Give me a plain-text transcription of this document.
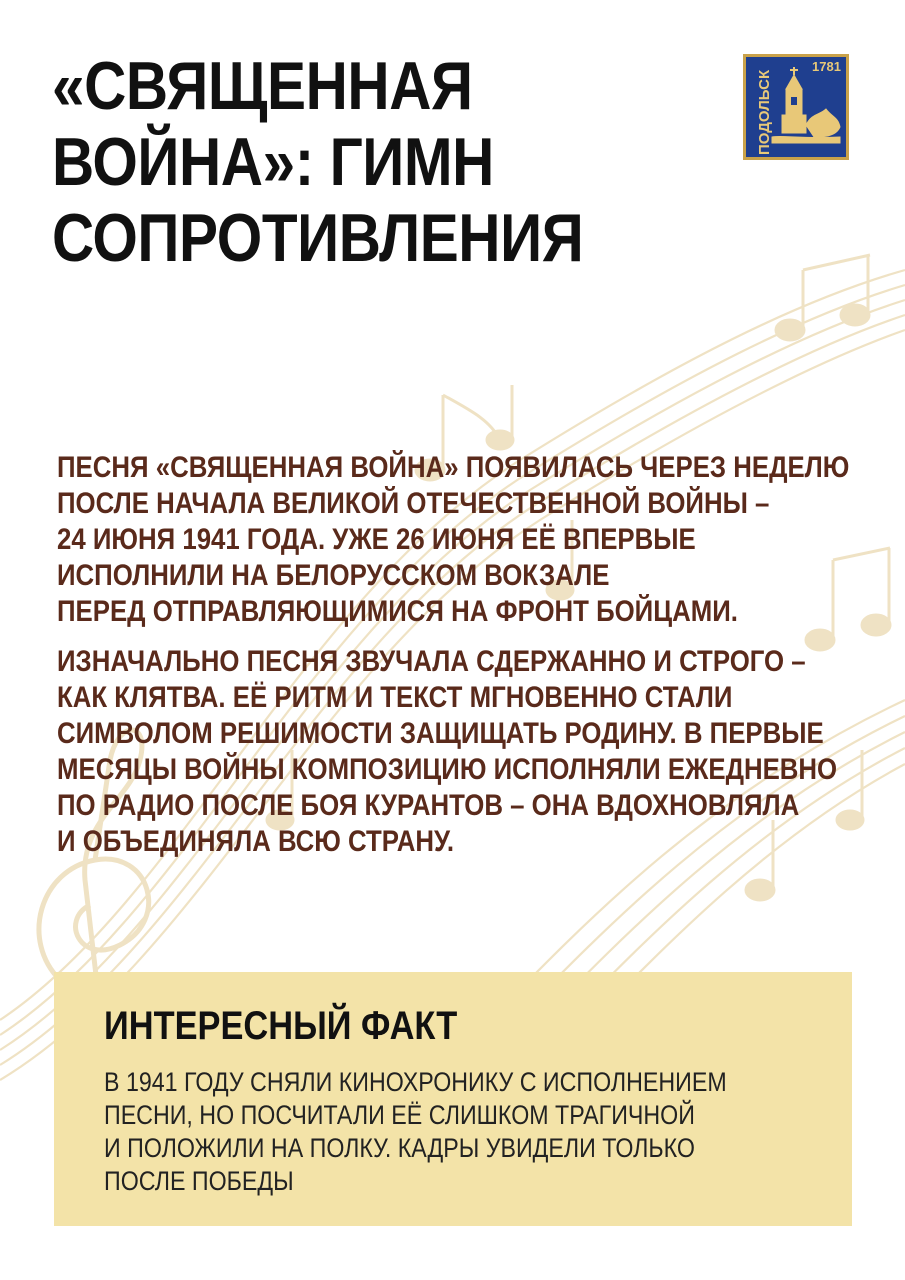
«СВЯЩЕННАЯ
ВОЙНА»: ГИМН
СОПРОТИВЛЕНИЯ
ПОДОЛЬСК
1781

ПЕСНЯ «СВЯЩЕННАЯ ВОЙНА» ПОЯВИЛАСЬ ЧЕРЕЗ НЕДЕЛЮ
ПОСЛЕ НАЧАЛА ВЕЛИКОЙ ОТЕЧЕСТВЕННОЙ ВОЙНЫ –
24 ИЮНЯ 1941 ГОДА. УЖЕ 26 ИЮНЯ ЕЁ ВПЕРВЫЕ
ИСПОЛНИЛИ НА БЕЛОРУССКОМ ВОКЗАЛЕ
ПЕРЕД ОТПРАВЛЯЮЩИМИСЯ НА ФРОНТ БОЙЦАМИ.

ИЗНАЧАЛЬНО ПЕСНЯ ЗВУЧАЛА СДЕРЖАННО И СТРОГО –
КАК КЛЯТВА. ЕЁ РИТМ И ТЕКСТ МГНОВЕННО СТАЛИ
СИМВОЛОМ РЕШИМОСТИ ЗАЩИЩАТЬ РОДИНУ. В ПЕРВЫЕ
МЕСЯЦЫ ВОЙНЫ КОМПОЗИЦИЮ ИСПОЛНЯЛИ ЕЖЕДНЕВНО
ПО РАДИО ПОСЛЕ БОЯ КУРАНТОВ – ОНА ВДОХНОВЛЯЛА
И ОБЪЕДИНЯЛА ВСЮ СТРАНУ.

ИНТЕРЕСНЫЙ ФАКТ

В 1941 ГОДУ СНЯЛИ КИНОХРОНИКУ С ИСПОЛНЕНИЕМ
ПЕСНИ, НО ПОСЧИТАЛИ ЕЁ СЛИШКОМ ТРАГИЧНОЙ
И ПОЛОЖИЛИ НА ПОЛКУ. КАДРЫ УВИДЕЛИ ТОЛЬКО
ПОСЛЕ ПОБЕДЫ
